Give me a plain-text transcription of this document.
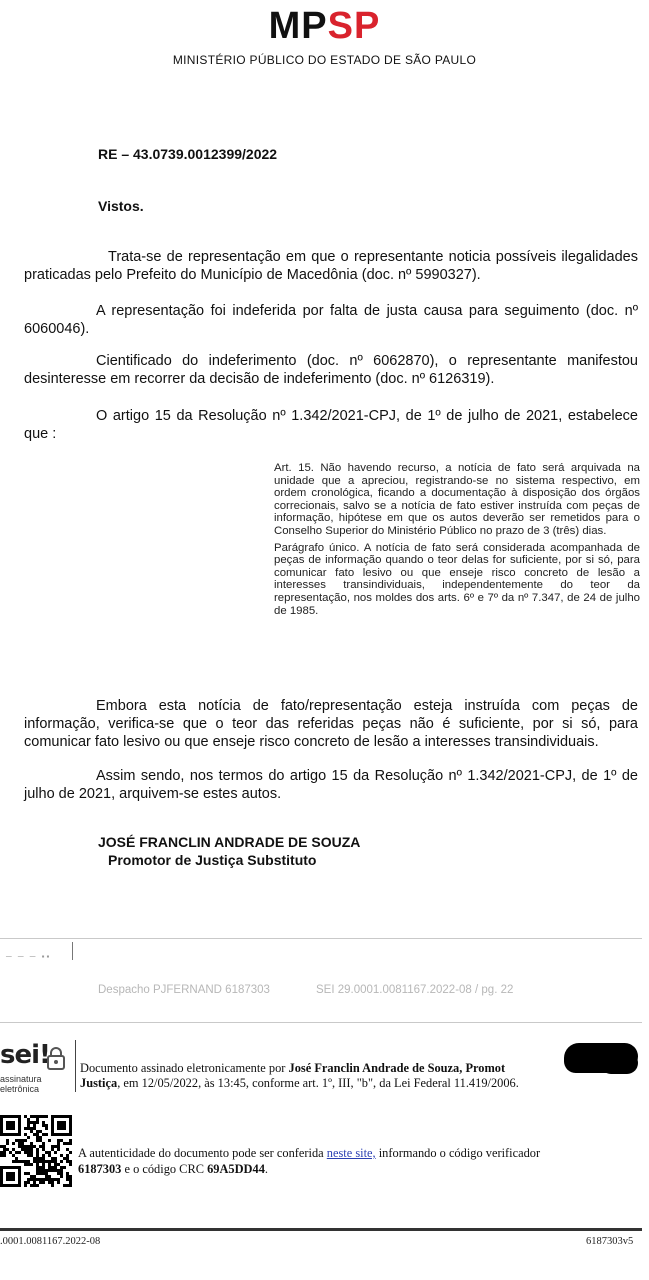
MPSP
MINISTÉRIO PÚBLICO DO ESTADO DE SÃO PAULO
RE – 43.0739.0012399/2022
Vistos.
Trata-se de representação em que o representante noticia possíveis ilegalidades praticadas pelo Prefeito do Município de Macedônia (doc. nº 5990327).
A representação foi indeferida por falta de justa causa para seguimento (doc. nº 6060046).
Cientificado do indeferimento (doc. nº 6062870), o representante manifestou desinteresse em recorrer da decisão de indeferimento (doc. nº 6126319).
O artigo 15 da Resolução nº 1.342/2021-CPJ, de 1º de julho de 2021, estabelece que :

Art. 15. Não havendo recurso, a notícia de fato será arquivada na unidade que a apreciou, registrando-se no sistema respectivo, em ordem cronológica, ficando a documentação à disposição dos órgãos correcionais, salvo se a notícia de fato estiver instruída com peças de informação, hipótese em que os autos deverão ser remetidos para o Conselho Superior do Ministério Público no prazo de 3 (três) dias.

Parágrafo único. A notícia de fato será considerada acompanhada de peças de informação quando o teor delas for suficiente, por si só, para comunicar fato lesivo ou que enseje risco concreto de lesão a interesses transindividuais, independentemente do teor da representação, nos moldes dos arts. 6º e 7º da nº 7.347, de 24 de julho de 1985.

Embora esta notícia de fato/representação esteja instruída com peças de informação, verifica-se que o teor das referidas peças não é suficiente, por si só, para comunicar fato lesivo ou que enseje risco concreto de lesão a interesses transindividuais.
Assim sendo, nos termos do artigo 15 da Resolução nº 1.342/2021-CPJ, de 1º de julho de 2021, arquivem-se estes autos.
JOSÉ FRANCLIN ANDRADE DE SOUZA
Promotor de Justiça Substituto
─ ─ ─ ▪▪
Despacho PJFERNAND 6187303	SEI 29.0001.0081167.2022-08 / pg. 22
sei!
assinatura
eletrônica
Documento assinado eletronicamente por José Franclin Andrade de Souza, Promot
Justiça, em 12/05/2022, às 13:45, conforme art. 1º, III, "b", da Lei Federal 11.419/2006.
A autenticidade do documento pode ser conferida neste site, informando o código verificador
6187303 e o código CRC 69A5DD44.
.0001.0081167.2022-08	6187303v5
